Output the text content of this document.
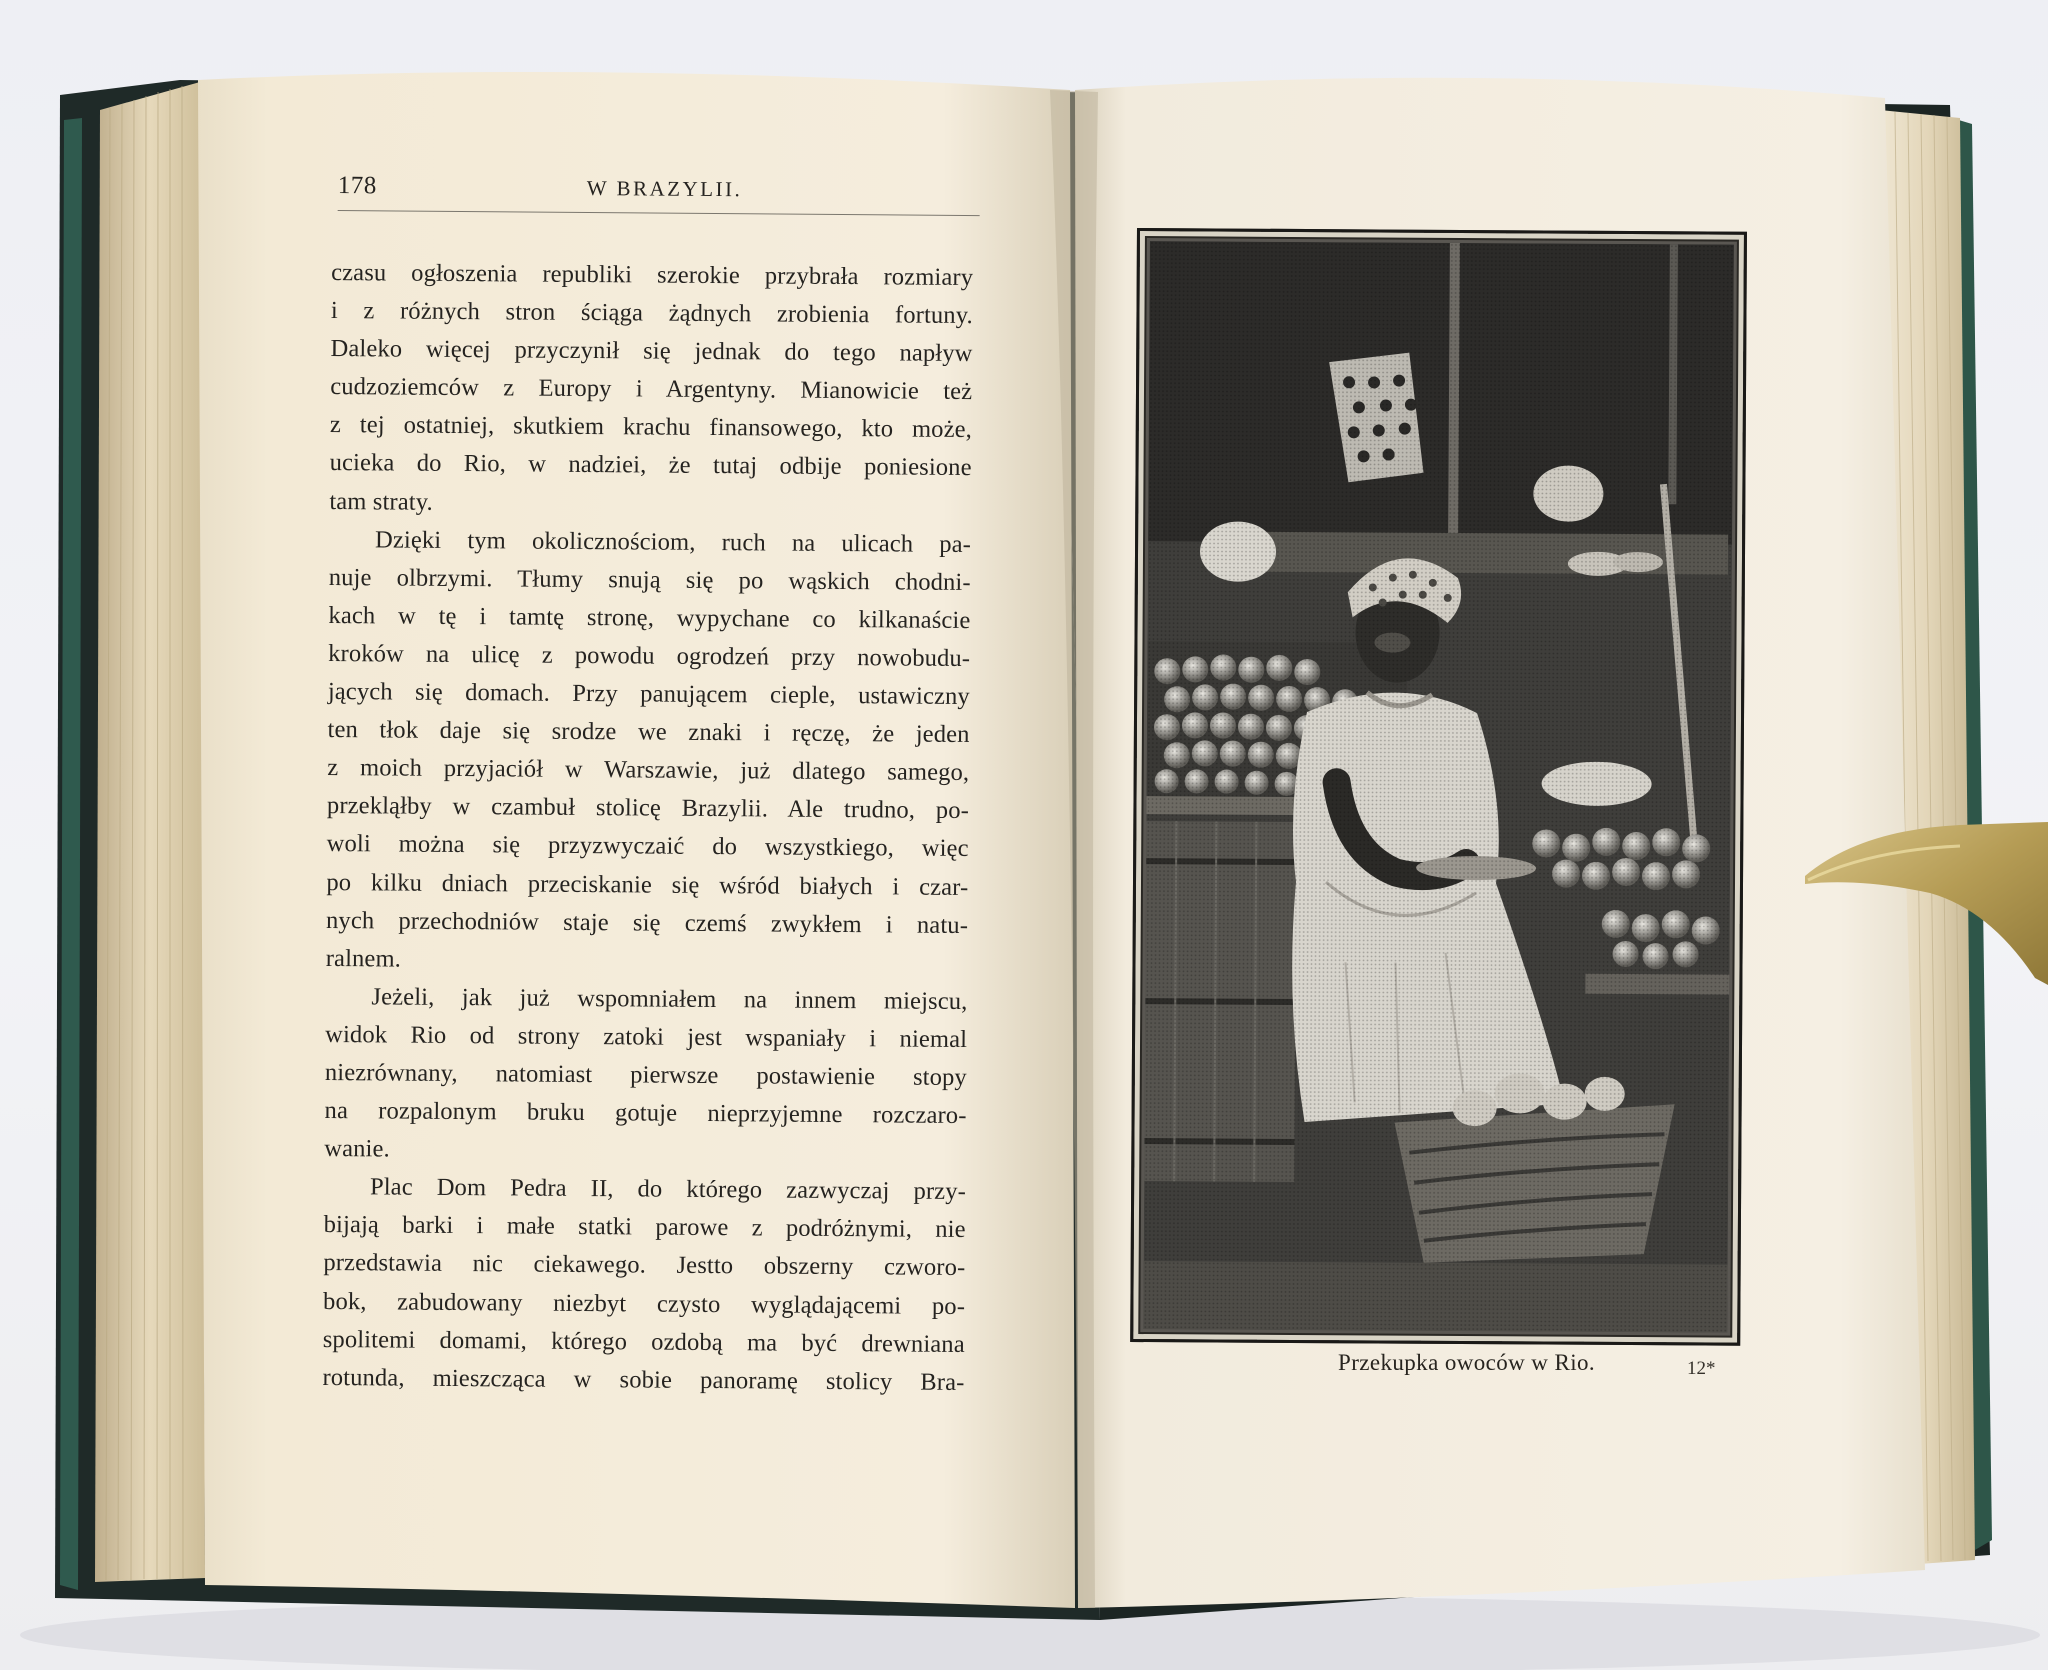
178	W BRAZYLII.
czasu ogłoszenia republiki szerokie przybrała rozmiary
i z różnych stron ściąga żądnych zrobienia fortuny.
Daleko więcej przyczynił się jednak do tego napływ
cudzoziemców z Europy i Argentyny. Mianowicie też
z tej ostatniej, skutkiem krachu finansowego, kto może,
ucieka do Rio, w nadziei, że tutaj odbije poniesione
tam straty.
Dzięki tym okolicznościom, ruch na ulicach pa-
nuje olbrzymi. Tłumy snują się po wąskich chodni-
kach w tę i tamtę stronę, wypychane co kilkanaście
kroków na ulicę z powodu ogrodzeń przy nowobudu-
jących się domach. Przy panującem cieple, ustawiczny
ten tłok daje się srodze we znaki i ręczę, że jeden
z moich przyjaciół w Warszawie, już dlatego samego,
przekląłby w czambuł stolicę Brazylii. Ale trudno, po-
woli można się przyzwyczaić do wszystkiego, więc
po kilku dniach przeciskanie się wśród białych i czar-
nych przechodniów staje się czemś zwykłem i natu-
ralnem.
Jeżeli, jak już wspomniałem na innem miejscu,
widok Rio od strony zatoki jest wspaniały i niemal
niezrównany, natomiast pierwsze postawienie stopy
na rozpalonym bruku gotuje nieprzyjemne rozczaro-
wanie.
Plac Dom Pedra II, do którego zazwyczaj przy-
bijają barki i małe statki parowe z podróżnymi, nie
przedstawia nic ciekawego. Jestto obszerny czworo-
bok, zabudowany niezbyt czysto wyglądającemi po-
spolitemi domami, którego ozdobą ma być drewniana
rotunda, mieszcząca w sobie panoramę stolicy Bra-
Przekupka owoców w Rio.	12*
